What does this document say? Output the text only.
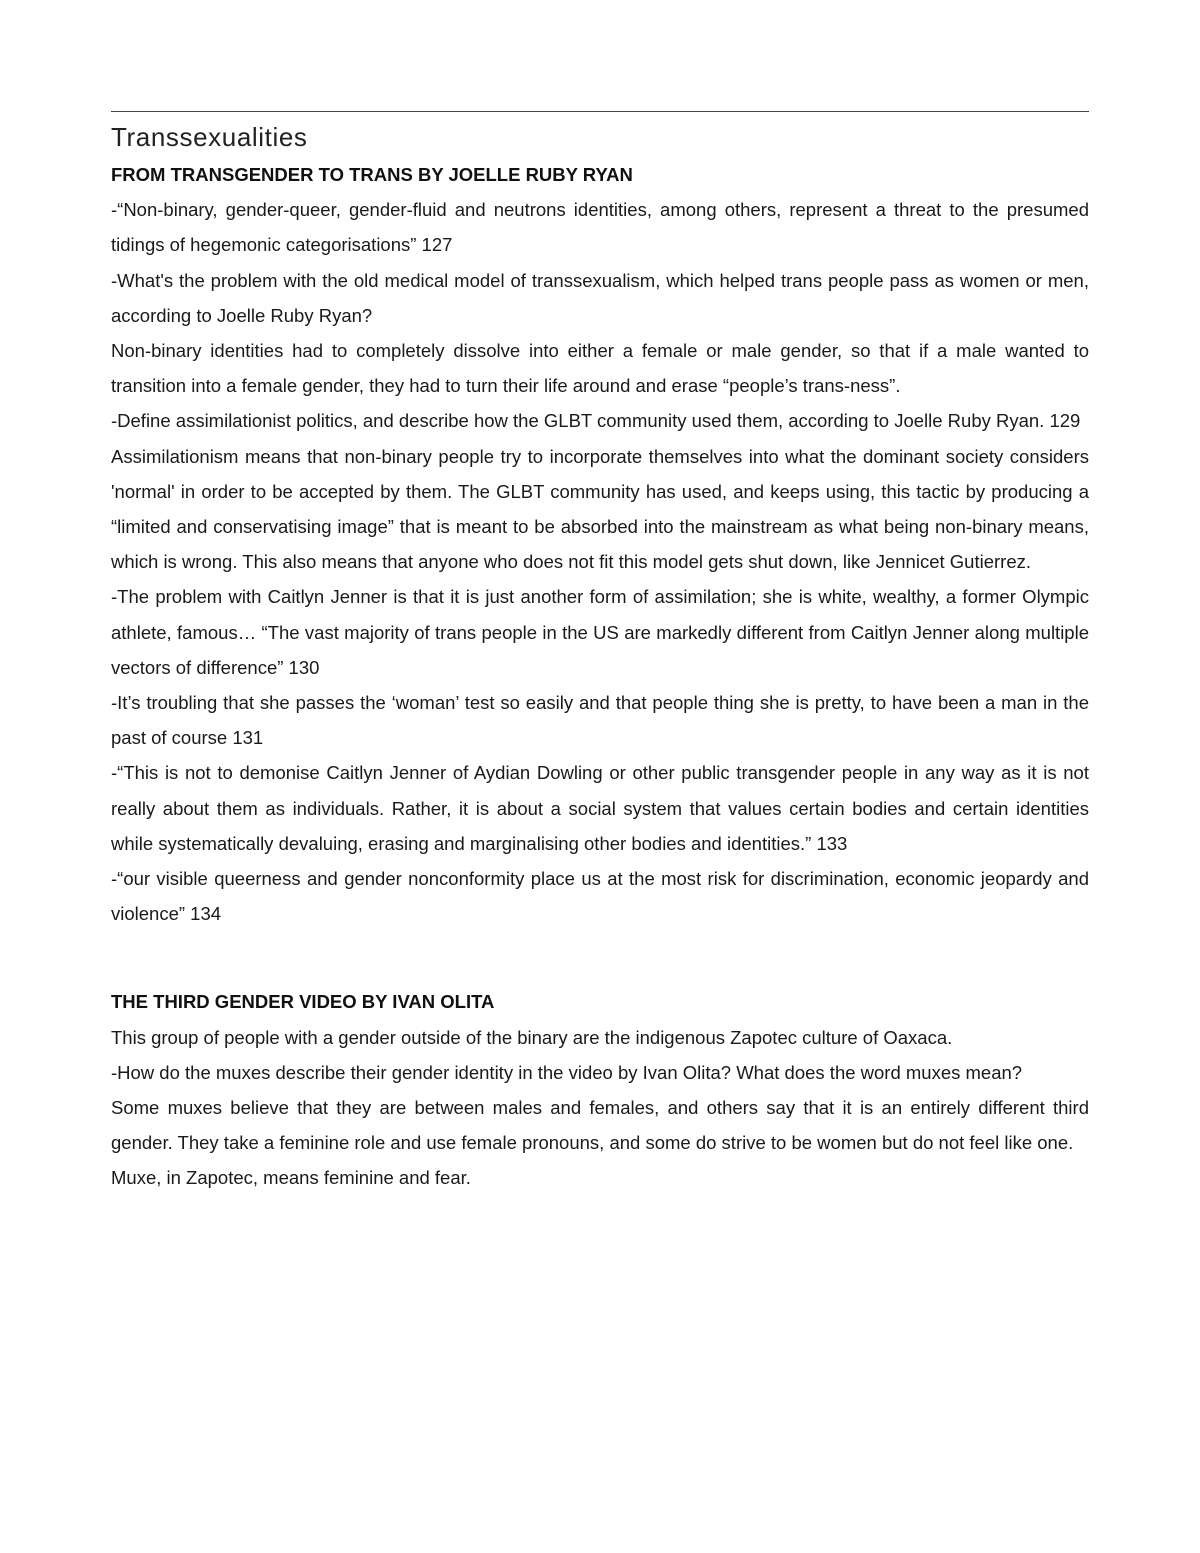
Transsexualities
FROM TRANSGENDER TO TRANS BY JOELLE RUBY RYAN

-“Non-binary, gender-queer, gender-fluid and neutrons identities, among others, represent a threat to the presumed tidings of hegemonic categorisations” 127

-What's the problem with the old medical model of transsexualism, which helped trans people pass as women or men, according to Joelle Ruby Ryan?

Non-binary identities had to completely dissolve into either a female or male gender, so that if a male wanted to transition into a female gender, they had to turn their life around and erase “people’s trans-ness”.

-Define assimilationist politics, and describe how the GLBT community used them, according to Joelle Ruby Ryan. 129

Assimilationism means that non-binary people try to incorporate themselves into what the dominant society considers 'normal' in order to be accepted by them. The GLBT community has used, and keeps using, this tactic by producing a “limited and conservatising image” that is meant to be absorbed into the mainstream as what being non-binary means, which is wrong. This also means that anyone who does not fit this model gets shut down, like Jennicet Gutierrez.

-The problem with Caitlyn Jenner is that it is just another form of assimilation; she is white, wealthy, a former Olympic athlete, famous… “The vast majority of trans people in the US are markedly different from Caitlyn Jenner along multiple vectors of difference” 130

-It’s troubling that she passes the ‘woman’ test so easily and that people thing she is pretty, to have been a man in the past of course 131

-“This is not to demonise Caitlyn Jenner of Aydian Dowling or other public transgender people in any way as it is not really about them as individuals. Rather, it is about a social system that values certain bodies and certain identities while systematically devaluing, erasing and marginalising other bodies and identities.” 133

-“our visible queerness and gender nonconformity place us at the most risk for discrimination, economic jeopardy and violence” 134

THE THIRD GENDER VIDEO BY IVAN OLITA

This group of people with a gender outside of the binary are the indigenous Zapotec culture of Oaxaca.

-How do the muxes describe their gender identity in the video by Ivan Olita? What does the word muxes mean?

Some muxes believe that they are between males and females, and others say that it is an entirely different third gender. They take a feminine role and use female pronouns, and some do strive to be women but do not feel like one.

Muxe, in Zapotec, means feminine and fear.
